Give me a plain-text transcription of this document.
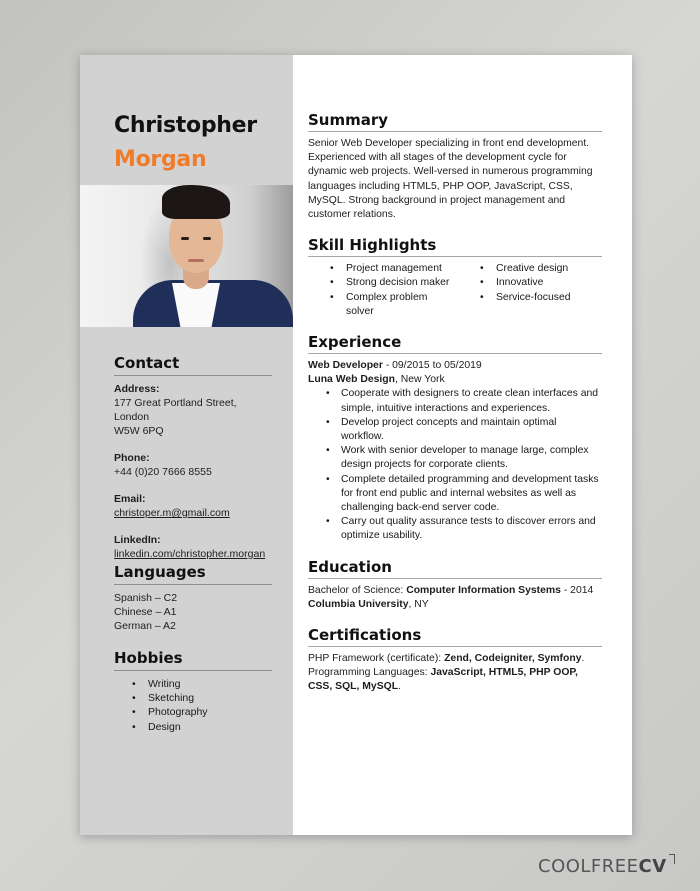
Christopher
Morgan
Contact
Address:
177 Great Portland Street, London
W5W 6PQ
Phone:
+44 (0)20 7666 8555
Email:
christoper.m@gmail.com
LinkedIn:
linkedin.com/christopher.morgan
Languages
Spanish – C2
Chinese – A1
German – A2
Hobbies
• Writing
• Sketching
• Photography
• Design
Summary

Senior Web Developer specializing in front end development. Experienced with all stages of the development cycle for dynamic web projects. Well-versed in numerous programming languages including HTML5, PHP OOP, JavaScript, CSS, MySQL. Strong background in project management and customer relations.

Skill Highlights
• Project management
• Strong decision maker
• Complex problem solver
• Creative design
• Innovative
• Service-focused
Experience
Web Developer - 09/2015 to 05/2019
Luna Web Design, New York
• Cooperate with designers to create clean interfaces and simple, intuitive interactions and experiences.
• Develop project concepts and maintain optimal workflow.
• Work with senior developer to manage large, complex design projects for corporate clients.
• Complete detailed programming and development tasks for front end public and internal websites as well as challenging back-end server code.
• Carry out quality assurance tests to discover errors and optimize usability.
Education
Bachelor of Science: Computer Information Systems - 2014
Columbia University, NY
Certifications
PHP Framework (certificate): Zend, Codeigniter, Symfony.
Programming Languages: JavaScript, HTML5, PHP OOP, CSS, SQL, MySQL.
COOLFREECV
